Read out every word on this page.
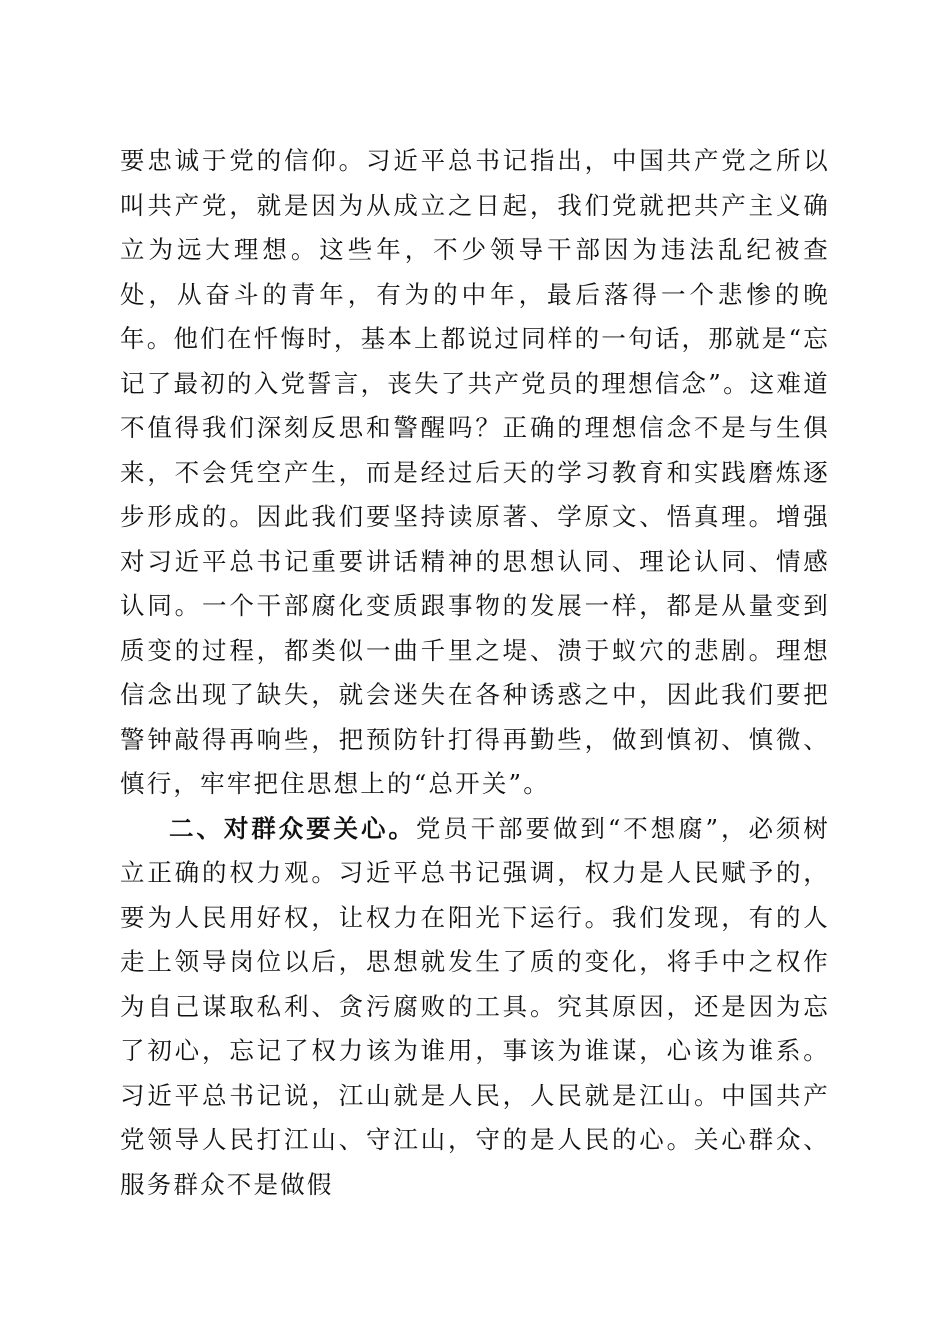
要忠诚于党的信仰。习近平总书记指出，中国共产党之所以叫共产党，就是因为从成立之日起，我们党就把共产主义确立为远大理想。这些年，不少领导干部因为违法乱纪被查处，从奋斗的青年，有为的中年，最后落得一个悲惨的晚年。他们在忏悔时，基本上都说过同样的一句话，那就是“忘记了最初的入党誓言，丧失了共产党员的理想信念”。这难道不值得我们深刻反思和警醒吗？正确的理想信念不是与生俱来，不会凭空产生，而是经过后天的学习教育和实践磨炼逐步形成的。因此我们要坚持读原著、学原文、悟真理。增强对习近平总书记重要讲话精神的思想认同、理论认同、情感认同。一个干部腐化变质跟事物的发展一样，都是从量变到质变的过程，都类似一曲千里之堤、溃于蚁穴的悲剧。理想信念出现了缺失，就会迷失在各种诱惑之中，因此我们要把警钟敲得再响些，把预防针打得再勤些，做到慎初、慎微、慎行，牢牢把住思想上的“总开关”。

二、对群众要关心。党员干部要做到“不想腐”，必须树立正确的权力观。习近平总书记强调，权力是人民赋予的，要为人民用好权，让权力在阳光下运行。我们发现，有的人走上领导岗位以后，思想就发生了质的变化，将手中之权作为自己谋取私利、贪污腐败的工具。究其原因，还是因为忘了初心，忘记了权力该为谁用，事该为谁谋，心该为谁系。习近平总书记说，江山就是人民，人民就是江山。中国共产党领导人民打江山、守江山，守的是人民的心。关心群众、服务群众不是做假
